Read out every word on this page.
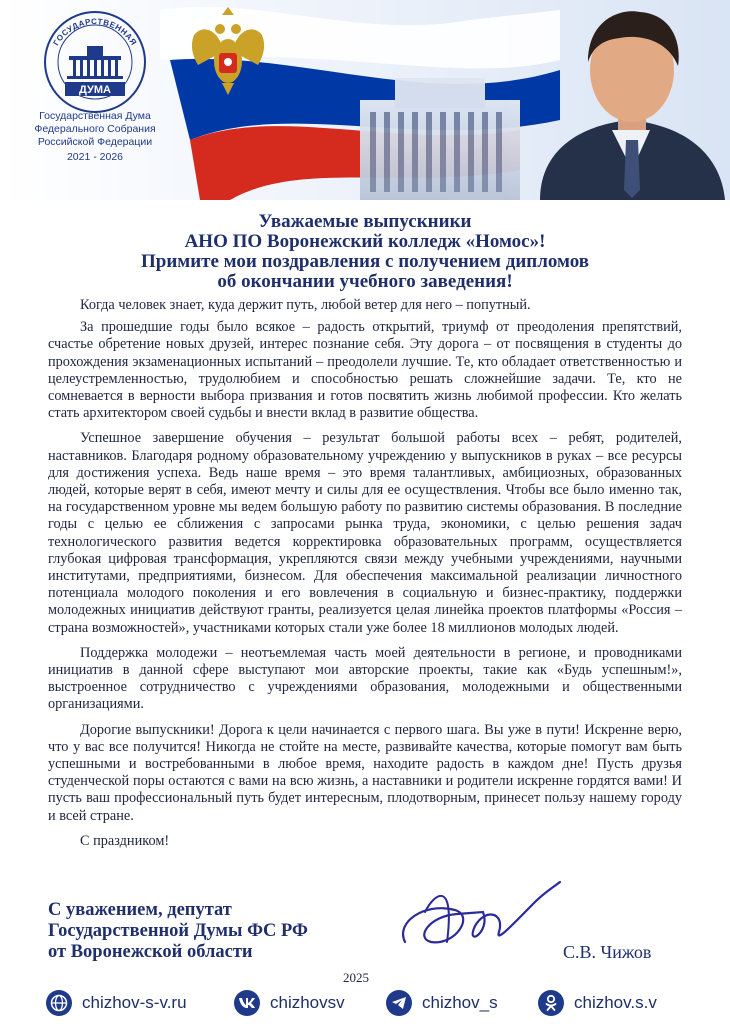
ГОСУДАРСТВЕННАЯ
ДУМА
Государственная Дума
Федерального Собрания
Российской Федерации
2021 - 2026
Уважаемые выпускники
АНО ПО Воронежский колледж «Номос»!
Примите мои поздравления с получением дипломов
об окончании учебного заведения!

Когда человек знает, куда держит путь, любой ветер для него – попутный.

За прошедшие годы было всякое – радость открытий, триумф от преодоления препятствий, счастье обретение новых друзей, интерес познание себя. Эту дорога – от посвящения в студенты до прохождения экзаменационных испытаний – преодолели лучшие. Те, кто обладает ответственностью и целеустремленностью, трудолюбием и способностью решать сложнейшие задачи. Те, кто не сомневается в верности выбора призвания и готов посвятить жизнь любимой профессии. Кто желать стать архитектором своей судьбы и внести вклад в развитие общества.

Успешное завершение обучения – результат большой работы всех – ребят, родителей, наставников. Благодаря родному образовательному учреждению у выпускников в руках – все ресурсы для достижения успеха. Ведь наше время – это время талантливых, амбициозных, образованных людей, которые верят в себя, имеют мечту и силы для ее осуществления. Чтобы все было именно так, на государственном уровне мы ведем большую работу по развитию системы образования. В последние годы с целью ее сближения с запросами рынка труда, экономики, с целью решения задач технологического развития ведется корректировка образовательных программ, осуществляется глубокая цифровая трансформация, укрепляются связи между учебными учреждениями, научными институтами, предприятиями, бизнесом. Для обеспечения максимальной реализации личностного потенциала молодого поколения и его вовлечения в социальную и бизнес-практику, поддержки молодежных инициатив действуют гранты, реализуется целая линейка проектов платформы «Россия – страна возможностей», участниками которых стали уже более 18 миллионов молодых людей.

Поддержка молодежи – неотъемлемая часть моей деятельности в регионе, и проводниками инициатив в данной сфере выступают мои авторские проекты, такие как «Будь успешным!», выстроенное сотрудничество с учреждениями образования, молодежными и общественными организациями.

Дорогие выпускники! Дорога к цели начинается с первого шага. Вы уже в пути! Искренне верю, что у вас все получится! Никогда не стойте на месте, развивайте качества, которые помогут вам быть успешными и востребованными в любое время, находите радость в каждом дне! Пусть друзья студенческой поры остаются с вами на всю жизнь, а наставники и родители искренне гордятся вами! И пусть ваш профессиональный путь будет интересным, плодотворным, принесет пользу нашему городу и всей стране.

С праздником!

С уважением, депутат
Государственной Думы ФС РФ
от Воронежской области	С.В. Чижов
2025
chizhov-s-v.ru	chizhovsv	chizhov_s	chizhov.s.v
